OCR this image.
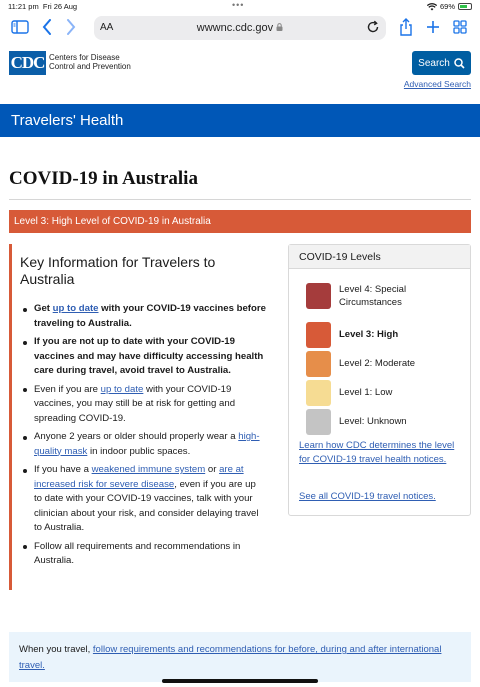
11:21 pm Fri 26 Aug	•••	69%
AA	wwwnc.cdc.gov
CDC Centers for Disease
Control and Prevention	Search
Advanced Search
Travelers' Health
COVID-19 in Australia
Level 3: High Level of COVID-19 in Australia
Key Information for Travelers to Australia
Get up to date with your COVID-19 vaccines before traveling to Australia.
If you are not up to date with your COVID-19 vaccines and may have difficulty accessing health care during travel, avoid travel to Australia.
Even if you are up to date with your COVID-19 vaccines, you may still be at risk for getting and spreading COVID-19.
Anyone 2 years or older should properly wear a high-quality mask in indoor public spaces.
If you have a weakened immune system or are at increased risk for severe disease, even if you are up to date with your COVID-19 vaccines, talk with your clinician about your risk, and consider delaying travel to Australia.
Follow all requirements and recommendations in Australia.
COVID-19 Levels
Level 4: Special Circumstances
Level 3: High
Level 2: Moderate
Level 1: Low
Level: Unknown
Learn how CDC determines the level for COVID-19 travel health notices.
See all COVID-19 travel notices.
When you travel, follow requirements and recommendations for before, during and after international travel.
